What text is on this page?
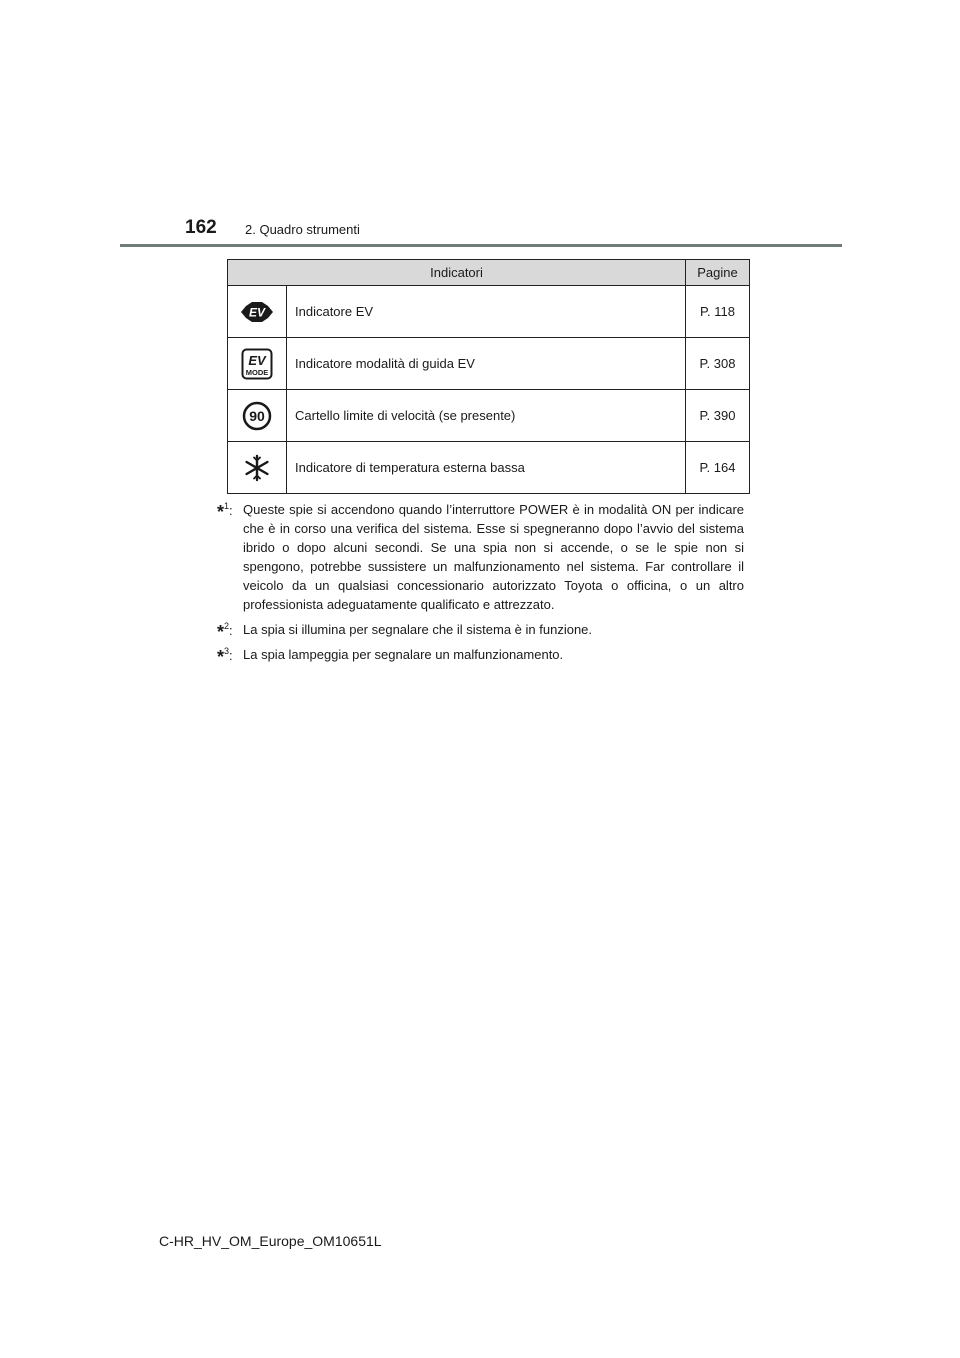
162 2. Quadro strumenti
Indicatori		Pagine

EV	Indicatore EV	P. 118

EV
MODE	Indicatore modalità di guida EV	P. 308

90	Cartello limite di velocità (se presente)	P. 390

	Indicatore di temperatura esterna bassa	P. 164
*$^1$: Queste spie si accendono quando l’interruttore POWER è in modalità ON per indicare che è in corso una verifica del sistema. Esse si spegneranno dopo l’avvio del sistema ibrido o dopo alcuni secondi. Se una spia non si accende, o se le spie non si spengono, potrebbe sussistere un malfunzionamento nel sistema. Far controllare il veicolo da un qualsiasi concessionario autorizzato Toyota o officina, o un altro professionista adeguatamente qualificato e attrezzato.
*$^2$: La spia si illumina per segnalare che il sistema è in funzione.
*$^3$: La spia lampeggia per segnalare un malfunzionamento.
C-HR_HV_OM_Europe_OM10651L
